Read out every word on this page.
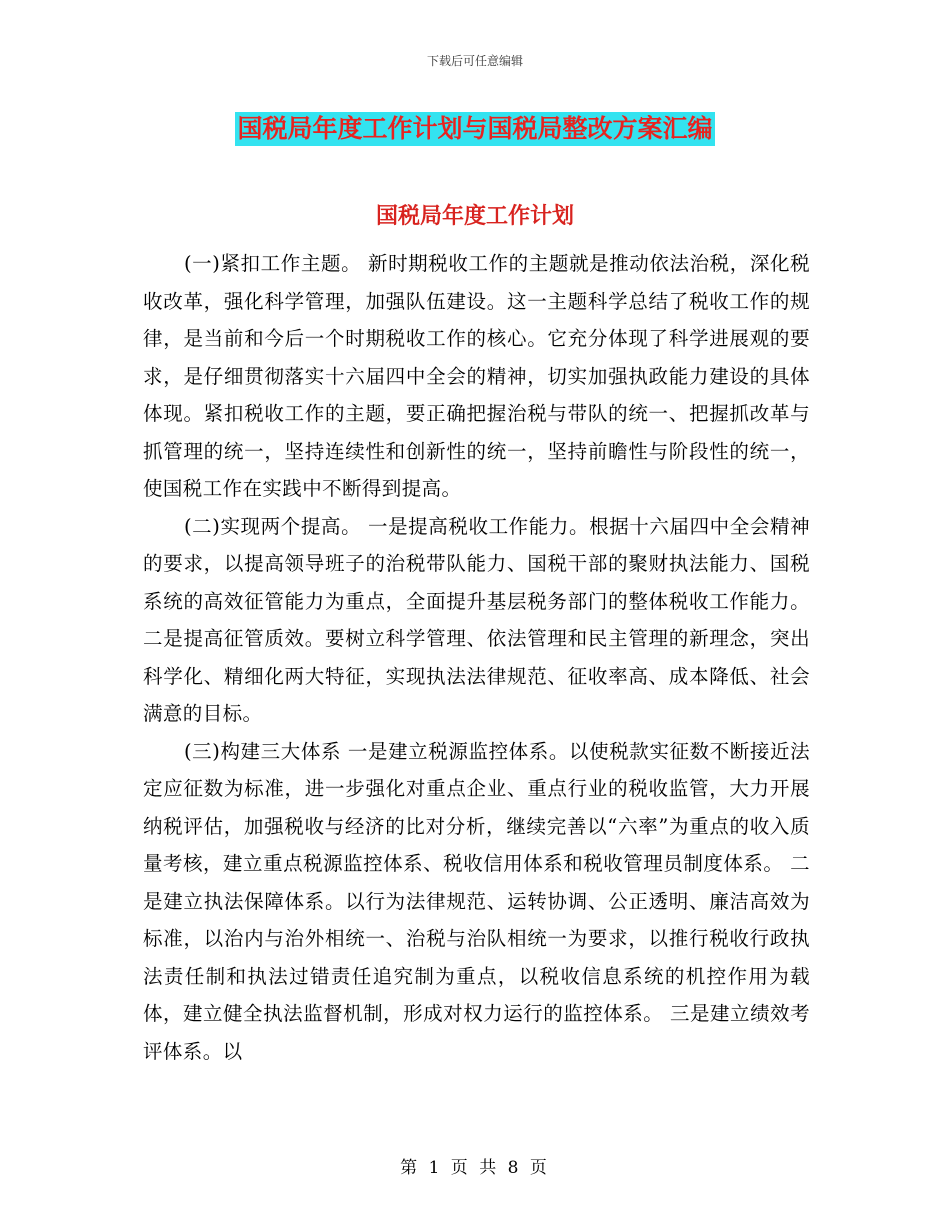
下载后可任意编辑
国税局年度工作计划与国税局整改方案汇编
国税局年度工作计划

(一)紧扣工作主题。 新时期税收工作的主题就是推动依法治税，深化税收改革，强化科学管理，加强队伍建设。这一主题科学总结了税收工作的规律，是当前和今后一个时期税收工作的核心。它充分体现了科学进展观的要求，是仔细贯彻落实十六届四中全会的精神，切实加强执政能力建设的具体体现。紧扣税收工作的主题，要正确把握治税与带队的统一、把握抓改革与抓管理的统一，坚持连续性和创新性的统一，坚持前瞻性与阶段性的统一，使国税工作在实践中不断得到提高。

(二)实现两个提高。 一是提高税收工作能力。根据十六届四中全会精神的要求，以提高领导班子的治税带队能力、国税干部的聚财执法能力、国税系统的高效征管能力为重点，全面提升基层税务部门的整体税收工作能力。 二是提高征管质效。要树立科学管理、依法管理和民主管理的新理念，突出科学化、精细化两大特征，实现执法法律规范、征收率高、成本降低、社会满意的目标。

(三)构建三大体系 一是建立税源监控体系。以使税款实征数不断接近法定应征数为标准，进一步强化对重点企业、重点行业的税收监管，大力开展纳税评估，加强税收与经济的比对分析，继续完善以“六率”为重点的收入质量考核，建立重点税源监控体系、税收信用体系和税收管理员制度体系。 二是建立执法保障体系。以行为法律规范、运转协调、公正透明、廉洁高效为标准，以治内与治外相统一、治税与治队相统一为要求，以推行税收行政执法责任制和执法过错责任追究制为重点，以税收信息系统的机控作用为载体，建立健全执法监督机制，形成对权力运行的监控体系。 三是建立绩效考评体系。以

第 1 页 共 8 页
